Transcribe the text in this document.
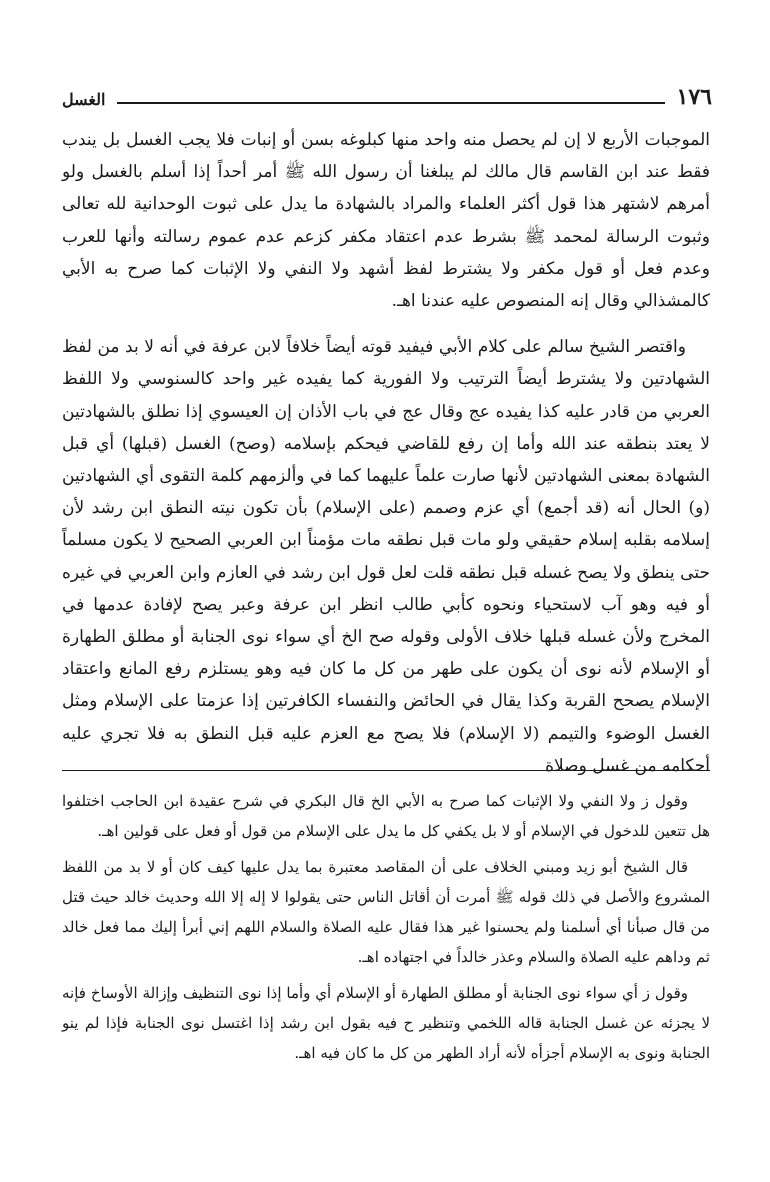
١٧٦
الغسل

الموجبات الأربع لا إن لم يحصل منه واحد منها كبلوغه بسن أو إنبات فلا يجب الغسل بل يندب فقط عند ابن القاسم قال مالك لم يبلغنا أن رسول الله ﷺ أمر أحداً إذا أسلم بالغسل ولو أمرهم لاشتهر هذا قول أكثر العلماء والمراد بالشهادة ما يدل على ثبوت الوحدانية لله تعالى وثبوت الرسالة لمحمد ﷺ بشرط عدم اعتقاد مكفر كزعم عدم عموم رسالته وأنها للعرب وعدم فعل أو قول مكفر ولا يشترط لفظ أشهد ولا النفي ولا الإثبات كما صرح به الأبي كالمشذالي وقال إنه المنصوص عليه عندنا اهـ.

واقتصر الشيخ سالم على كلام الأبي فيفيد قوته أيضاً خلافاً لابن عرفة في أنه لا بد من لفظ الشهادتين ولا يشترط أيضاً الترتيب ولا الفورية كما يفيده غير واحد كالسنوسي ولا اللفظ العربي من قادر عليه كذا يفيده عج وقال عج في باب الأذان إن العيسوي إذا نطلق بالشهادتين لا يعتد بنطقه عند الله وأما إن رفع للقاضي فيحكم بإسلامه (وصح) الغسل (قبلها) أي قبل الشهادة بمعنى الشهادتين لأنها صارت علماً عليهما كما في وألزمهم كلمة التقوى أي الشهادتين (و) الحال أنه (قد أجمع) أي عزم وصمم (على الإسلام) بأن تكون نيته النطق ابن رشد لأن إسلامه بقلبه إسلام حقيقي ولو مات قبل نطقه مات مؤمناً ابن العربي الصحيح لا يكون مسلماً حتى ينطق ولا يصح غسله قبل نطقه قلت لعل قول ابن رشد في العازم وابن العربي في غيره أو فيه وهو آب لاستحياء ونحوه كأبي طالب انظر ابن عرفة وعبر يصح لإفادة عدمها في المخرج ولأن غسله قبلها خلاف الأولى وقوله صح الخ أي سواء نوى الجنابة أو مطلق الطهارة أو الإسلام لأنه نوى أن يكون على طهر من كل ما كان فيه وهو يستلزم رفع المانع واعتقاد الإسلام يصحح القربة وكذا يقال في الحائض والنفساء الكافرتين إذا عزمتا على الإسلام ومثل الغسل الوضوء والتيمم (لا الإسلام) فلا يصح مع العزم عليه قبل النطق به فلا تجري عليه أحكامه من غسل وصلاة

وقول ز ولا النفي ولا الإثبات كما صرح به الأبي الخ قال البكري في شرح عقيدة ابن الحاجب اختلفوا هل تتعين للدخول في الإسلام أو لا بل يكفي كل ما يدل على الإسلام من قول أو فعل على قولين اهـ.

قال الشيخ أبو زيد ومبني الخلاف على أن المقاصد معتبرة بما يدل عليها كيف كان أو لا بد من اللفظ المشروع والأصل في ذلك قوله ﷺ أمرت أن أقاتل الناس حتى يقولوا لا إله إلا الله وحديث خالد حيث قتل من قال صبأنا أي أسلمنا ولم يحسنوا غير هذا فقال عليه الصلاة والسلام اللهم إني أبرأ إليك مما فعل خالد ثم وداهم عليه الصلاة والسلام وعذر خالداً في اجتهاده اهـ.

وقول ز أي سواء نوى الجنابة أو مطلق الطهارة أو الإسلام أي وأما إذا نوى التنظيف وإزالة الأوساخ فإنه لا يجزئه عن غسل الجنابة قاله اللخمي وتنظير ح فيه بقول ابن رشد إذا اغتسل نوى الجنابة فإذا لم ينو الجنابة ونوى به الإسلام أجزأه لأنه أراد الطهر من كل ما كان فيه اهـ.
